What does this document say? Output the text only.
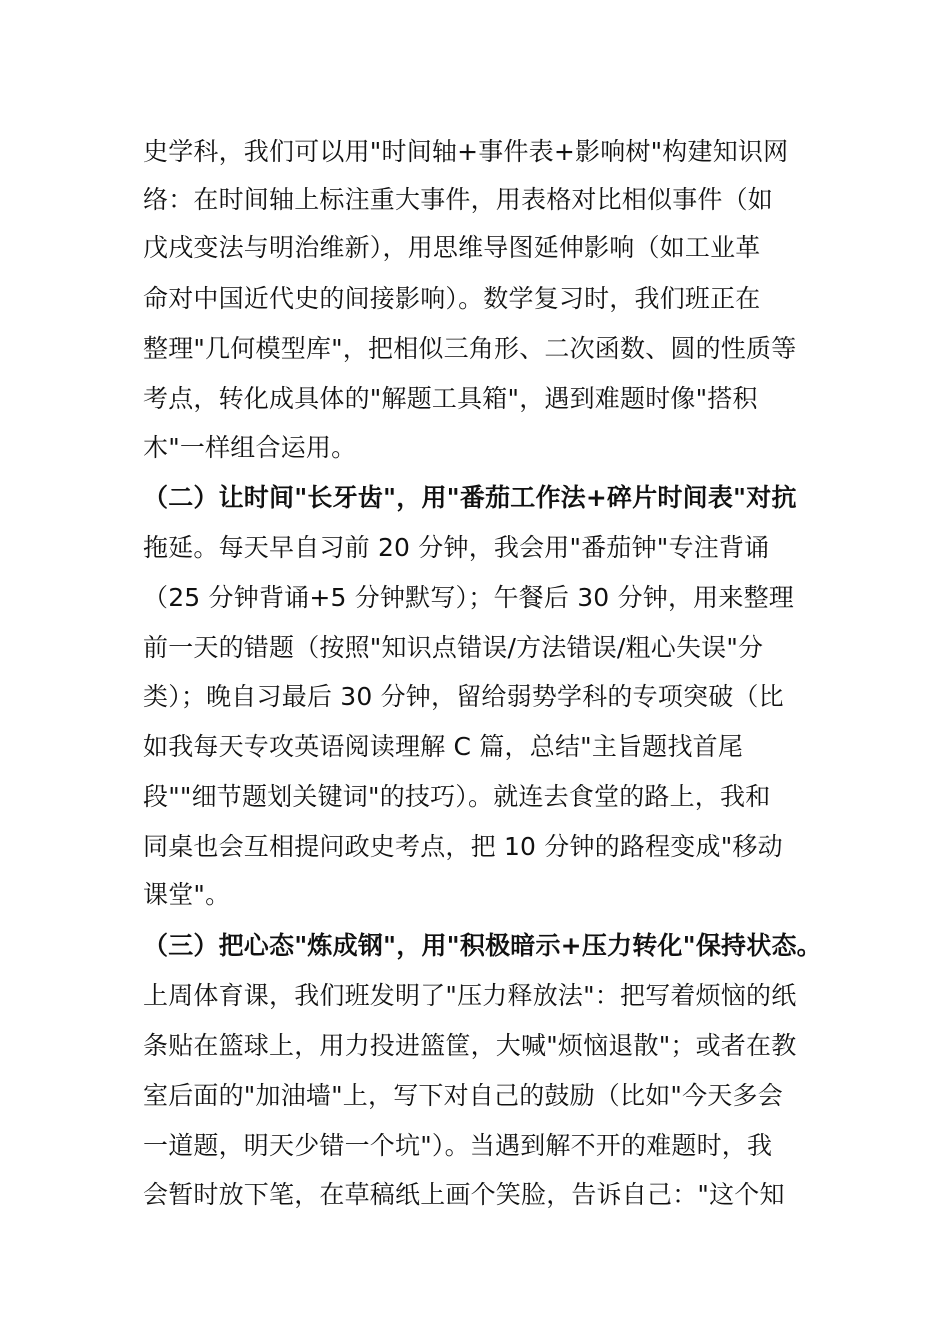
史学科，我们可以用"时间轴+事件表+影响树"构建知识网
络：在时间轴上标注重大事件，用表格对比相似事件（如
戊戌变法与明治维新），用思维导图延伸影响（如工业革
命对中国近代史的间接影响）。数学复习时，我们班正在
整理"几何模型库"，把相似三角形、二次函数、圆的性质等
考点，转化成具体的"解题工具箱"，遇到难题时像"搭积
木"一样组合运用。
（二）让时间"长牙齿"，用"番茄工作法+碎片时间表"对抗
拖延。每天早自习前 20 分钟，我会用"番茄钟"专注背诵
（25 分钟背诵+5 分钟默写）；午餐后 30 分钟，用来整理
前一天的错题（按照"知识点错误/方法错误/粗心失误"分
类）；晚自习最后 30 分钟，留给弱势学科的专项突破（比
如我每天专攻英语阅读理解 C 篇，总结"主旨题找首尾
段""细节题划关键词"的技巧）。就连去食堂的路上，我和
同桌也会互相提问政史考点，把 10 分钟的路程变成"移动
课堂"。
（三）把心态"炼成钢"，用"积极暗示+压力转化"保持状态。
上周体育课，我们班发明了"压力释放法"：把写着烦恼的纸
条贴在篮球上，用力投进篮筐，大喊"烦恼退散"；或者在教
室后面的"加油墙"上，写下对自己的鼓励（比如"今天多会
一道题，明天少错一个坑"）。当遇到解不开的难题时，我
会暂时放下笔，在草稿纸上画个笑脸，告诉自己："这个知
